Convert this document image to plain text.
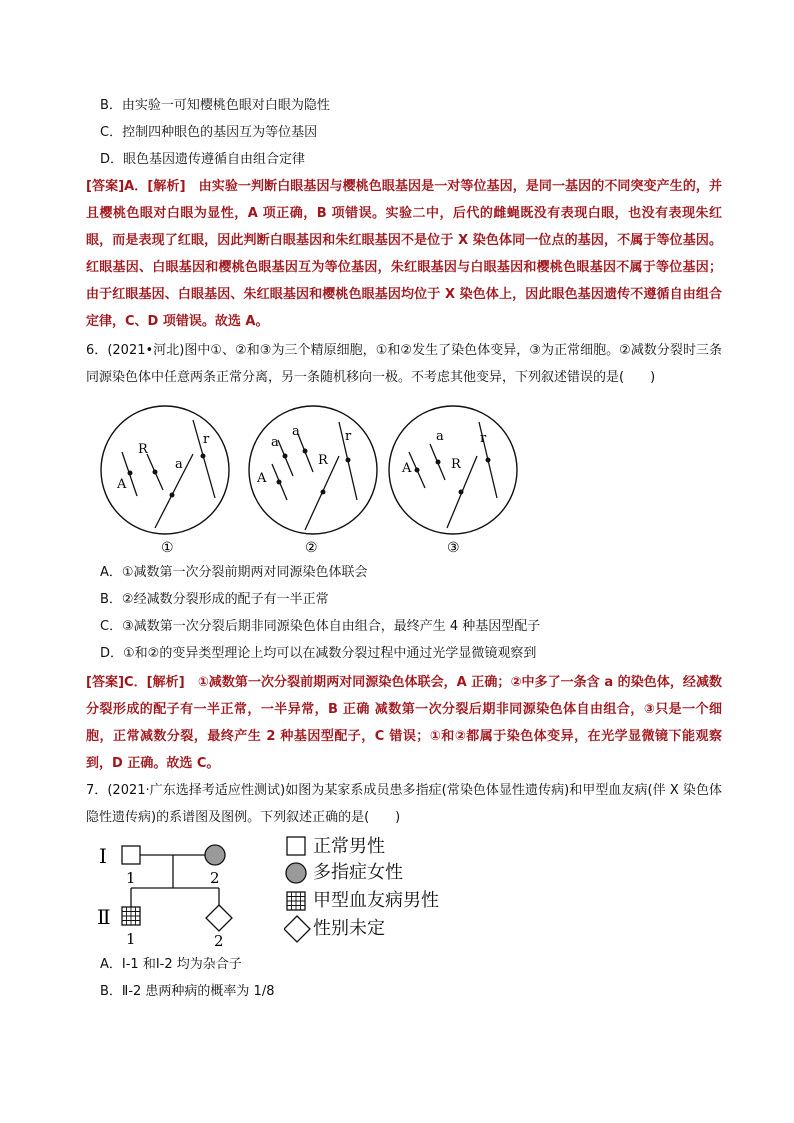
B．由实验一可知樱桃色眼对白眼为隐性
C．控制四种眼色的基因互为等位基因
D．眼色基因遗传遵循自由组合定律
[答案]A．[解析]　由实验一判断白眼基因与樱桃色眼基因是一对等位基因，是同一基因的不同突变产生的，并且樱桃色眼对白眼为显性，A 项正确，B 项错误。实验二中，后代的雌蝇既没有表现白眼，也没有表现朱红眼，而是表现了红眼，因此判断白眼基因和朱红眼基因不是位于 X 染色体同一位点的基因，不属于等位基因。红眼基因、白眼基因和樱桃色眼基因互为等位基因，朱红眼基因与白眼基因和樱桃色眼基因不属于等位基因；由于红眼基因、白眼基因、朱红眼基因和樱桃色眼基因均位于 X 染色体上，因此眼色基因遗传不遵循自由组合定律，C、D 项错误。故选 A。
6．(2021•河北)图中①、②和③为三个精原细胞，①和②发生了染色体变异，③为正常细胞。②减数分裂时三条同源染色体中任意两条正常分离，另一条随机移向一极。不考虑其他变异，下列叙述错误的是(　　)
R
r
A
a
a
a	r
R
A
a	r
R
A
①	②	③
A．①减数第一次分裂前期两对同源染色体联会
B．②经减数分裂形成的配子有一半正常
C．③减数第一次分裂后期非同源染色体自由组合，最终产生 4 种基因型配子
D．①和②的变异类型理论上均可以在减数分裂过程中通过光学显微镜观察到
[答案]C．[解析]　①减数第一次分裂前期两对同源染色体联会，A 正确；②中多了一条含 a 的染色体，经减数分裂形成的配子有一半正常，一半异常，B 正确 减数第一次分裂后期非同源染色体自由组合，③只是一个细胞，正常减数分裂，最终产生 2 种基因型配子，C 错误；①和②都属于染色体变异，在光学显微镜下能观察到，D 正确。故选 C。
7．(2021·广东选择考适应性测试)如图为某家系成员患多指症(常染色体显性遗传病)和甲型血友病(伴 X 染色体隐性遗传病)的系谱图及图例。下列叙述正确的是(　　)
Ⅰ
Ⅱ
1	2
1	2
正常男性
多指症女性
甲型血友病男性
性别未定
A．Ⅰ-1 和Ⅰ-2 均为杂合子
B．Ⅱ-2 患两种病的概率为 1/8
